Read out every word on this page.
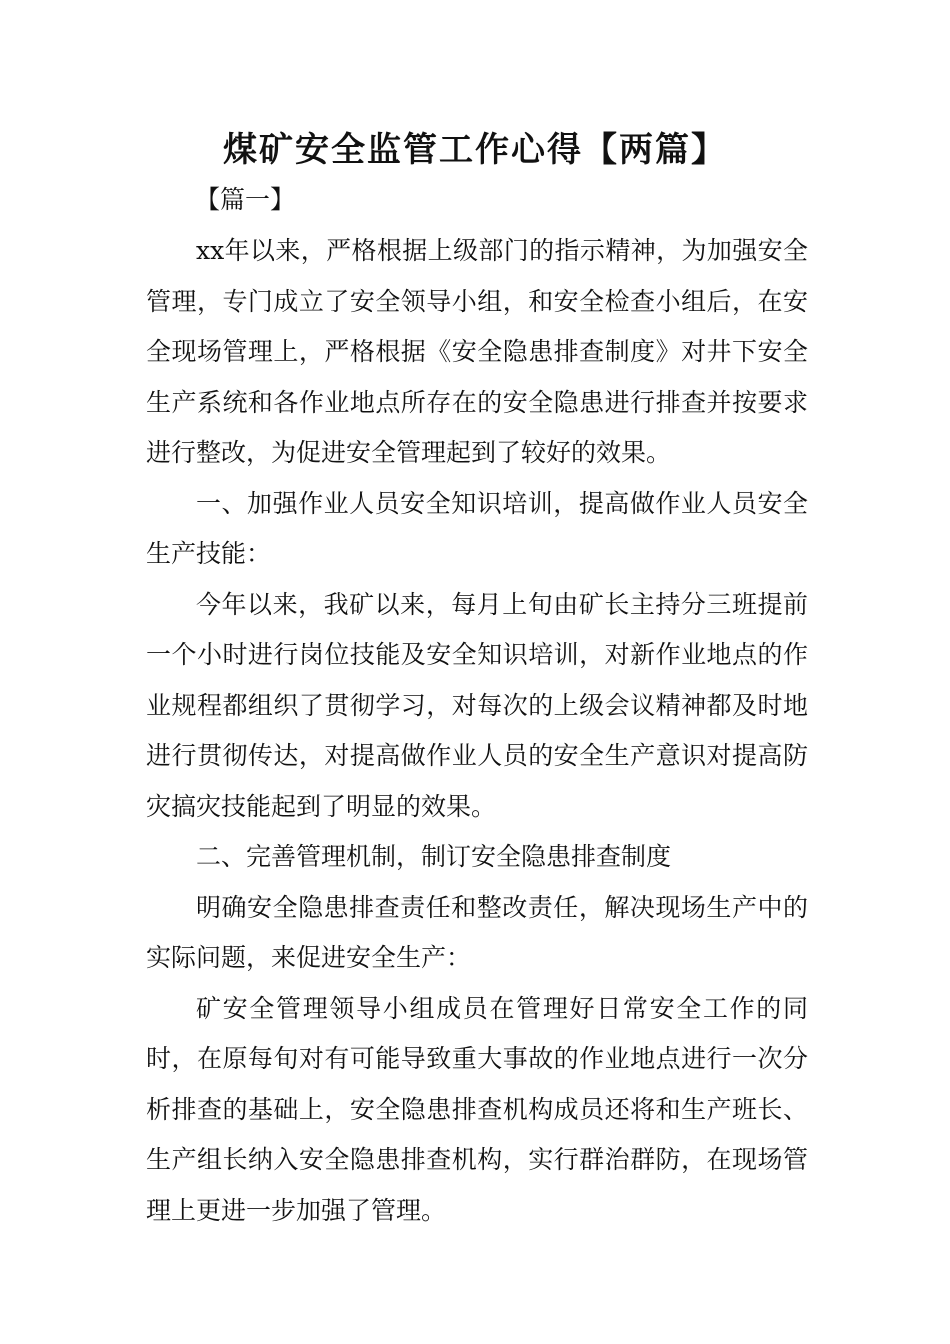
煤矿安全监管工作心得【两篇】
【篇一】

xx年以来，严格根据上级部门的指示精神，为加强安全管理，专门成立了安全领导小组，和安全检查小组后，在安全现场管理上，严格根据《安全隐患排查制度》对井下安全生产系统和各作业地点所存在的安全隐患进行排查并按要求进行整改，为促进安全管理起到了较好的效果。

一、加强作业人员安全知识培训，提高做作业人员安全生产技能：

今年以来，我矿以来，每月上旬由矿长主持分三班提前一个小时进行岗位技能及安全知识培训，对新作业地点的作业规程都组织了贯彻学习，对每次的上级会议精神都及时地进行贯彻传达，对提高做作业人员的安全生产意识对提高防灾搞灾技能起到了明显的效果。

二、完善管理机制，制订安全隐患排查制度

明确安全隐患排查责任和整改责任，解决现场生产中的实际问题，来促进安全生产：

矿安全管理领导小组成员在管理好日常安全工作的同时，在原每旬对有可能导致重大事故的作业地点进行一次分析排查的基础上，安全隐患排查机构成员还将和生产班长、生产组长纳入安全隐患排查机构，实行群治群防，在现场管理上更进一步加强了管理。
